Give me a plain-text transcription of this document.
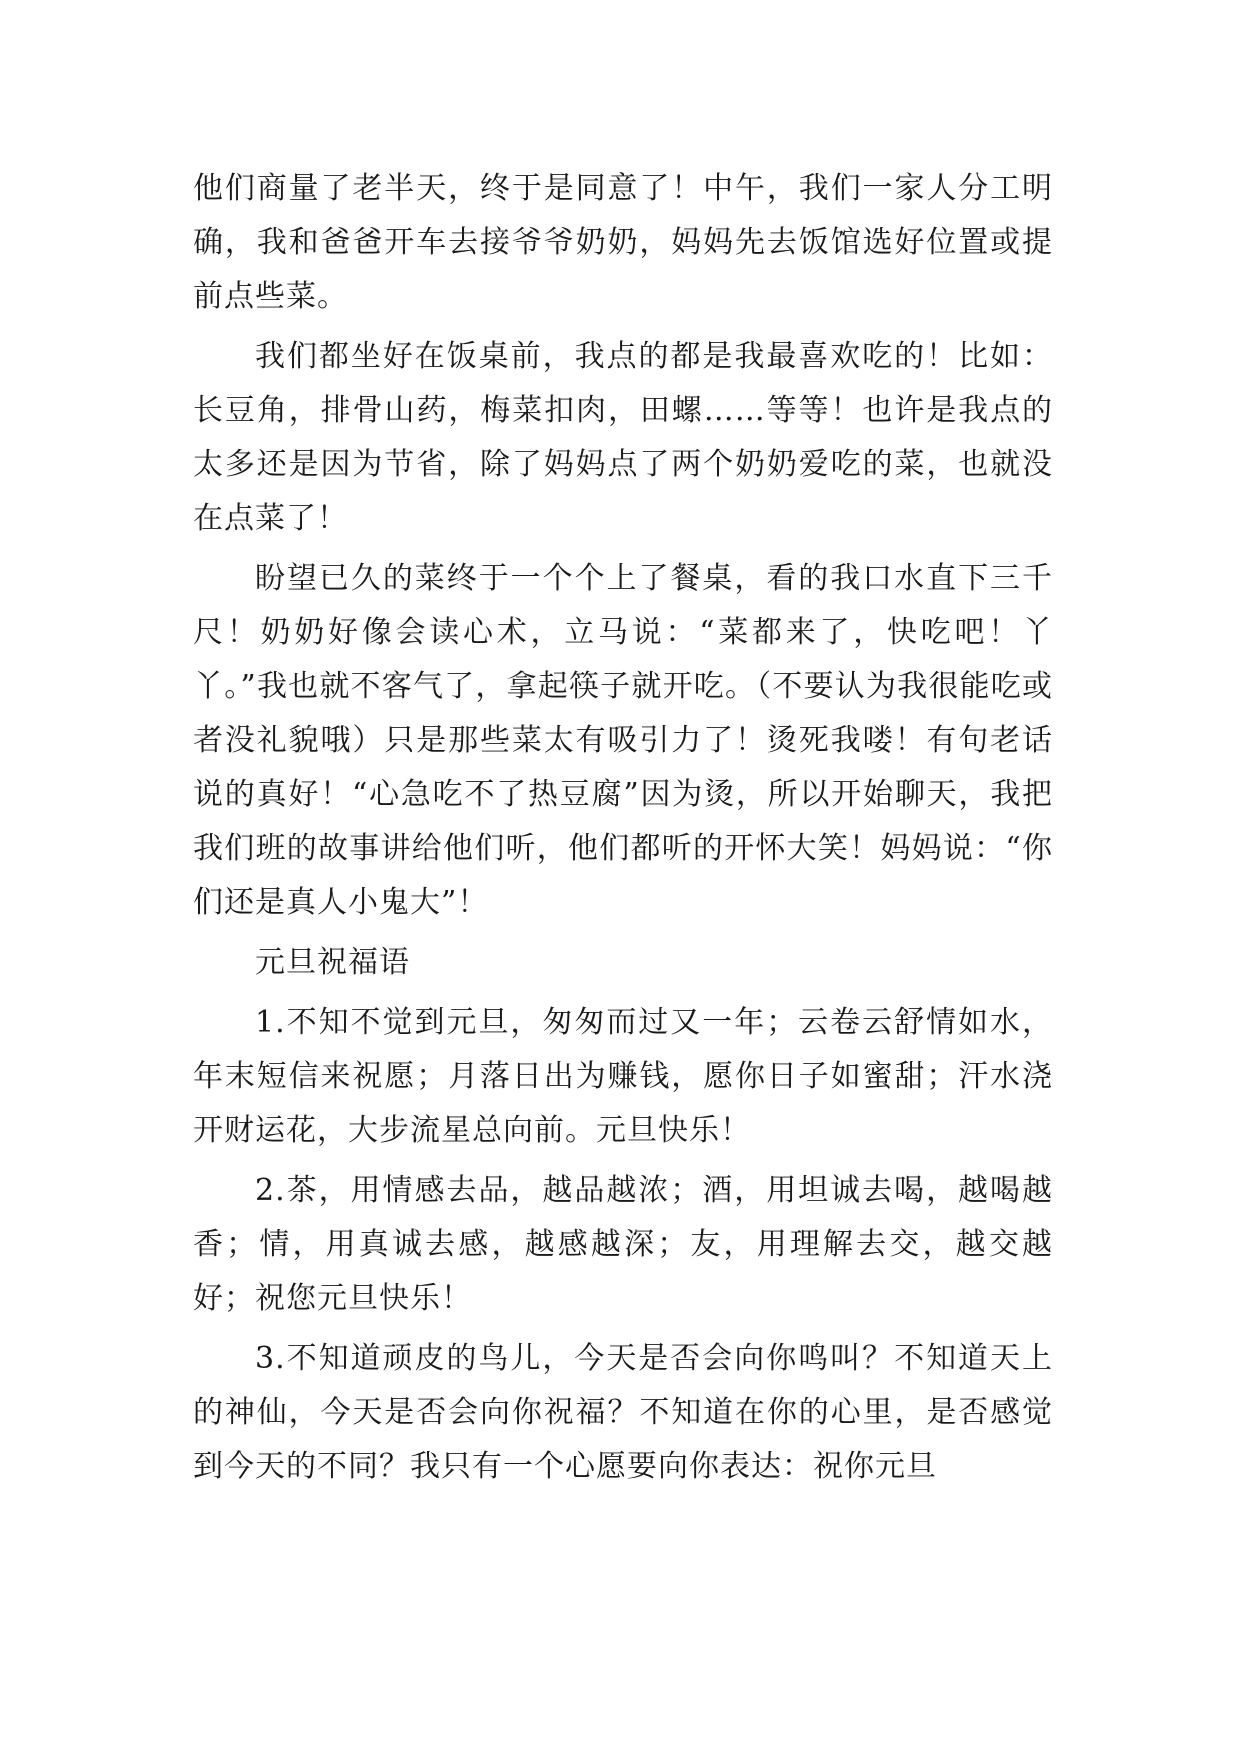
他们商量了老半天，终于是同意了！中午，我们一家人分工明确，我和爸爸开车去接爷爷奶奶，妈妈先去饭馆选好位置或提前点些菜。

我们都坐好在饭桌前，我点的都是我最喜欢吃的！比如：长豆角，排骨山药，梅菜扣肉，田螺……等等！也许是我点的太多还是因为节省，除了妈妈点了两个奶奶爱吃的菜，也就没在点菜了！

盼望已久的菜终于一个个上了餐桌，看的我口水直下三千尺！奶奶好像会读心术，立马说：“菜都来了，快吃吧！丫丫。”我也就不客气了，拿起筷子就开吃。（不要认为我很能吃或者没礼貌哦）只是那些菜太有吸引力了！烫死我喽！有句老话说的真好！“心急吃不了热豆腐”因为烫，所以开始聊天，我把我们班的故事讲给他们听，他们都听的开怀大笑！妈妈说：“你们还是真人小鬼大”！

元旦祝福语

1.不知不觉到元旦，匆匆而过又一年；云卷云舒情如水，年末短信来祝愿；月落日出为赚钱，愿你日子如蜜甜；汗水浇开财运花，大步流星总向前。元旦快乐！

2.茶，用情感去品，越品越浓；酒，用坦诚去喝，越喝越香；情，用真诚去感，越感越深；友，用理解去交，越交越好；祝您元旦快乐！

3.不知道顽皮的鸟儿，今天是否会向你鸣叫？不知道天上的神仙，今天是否会向你祝福？不知道在你的心里，是否感觉到今天的不同？我只有一个心愿要向你表达：祝你元旦
